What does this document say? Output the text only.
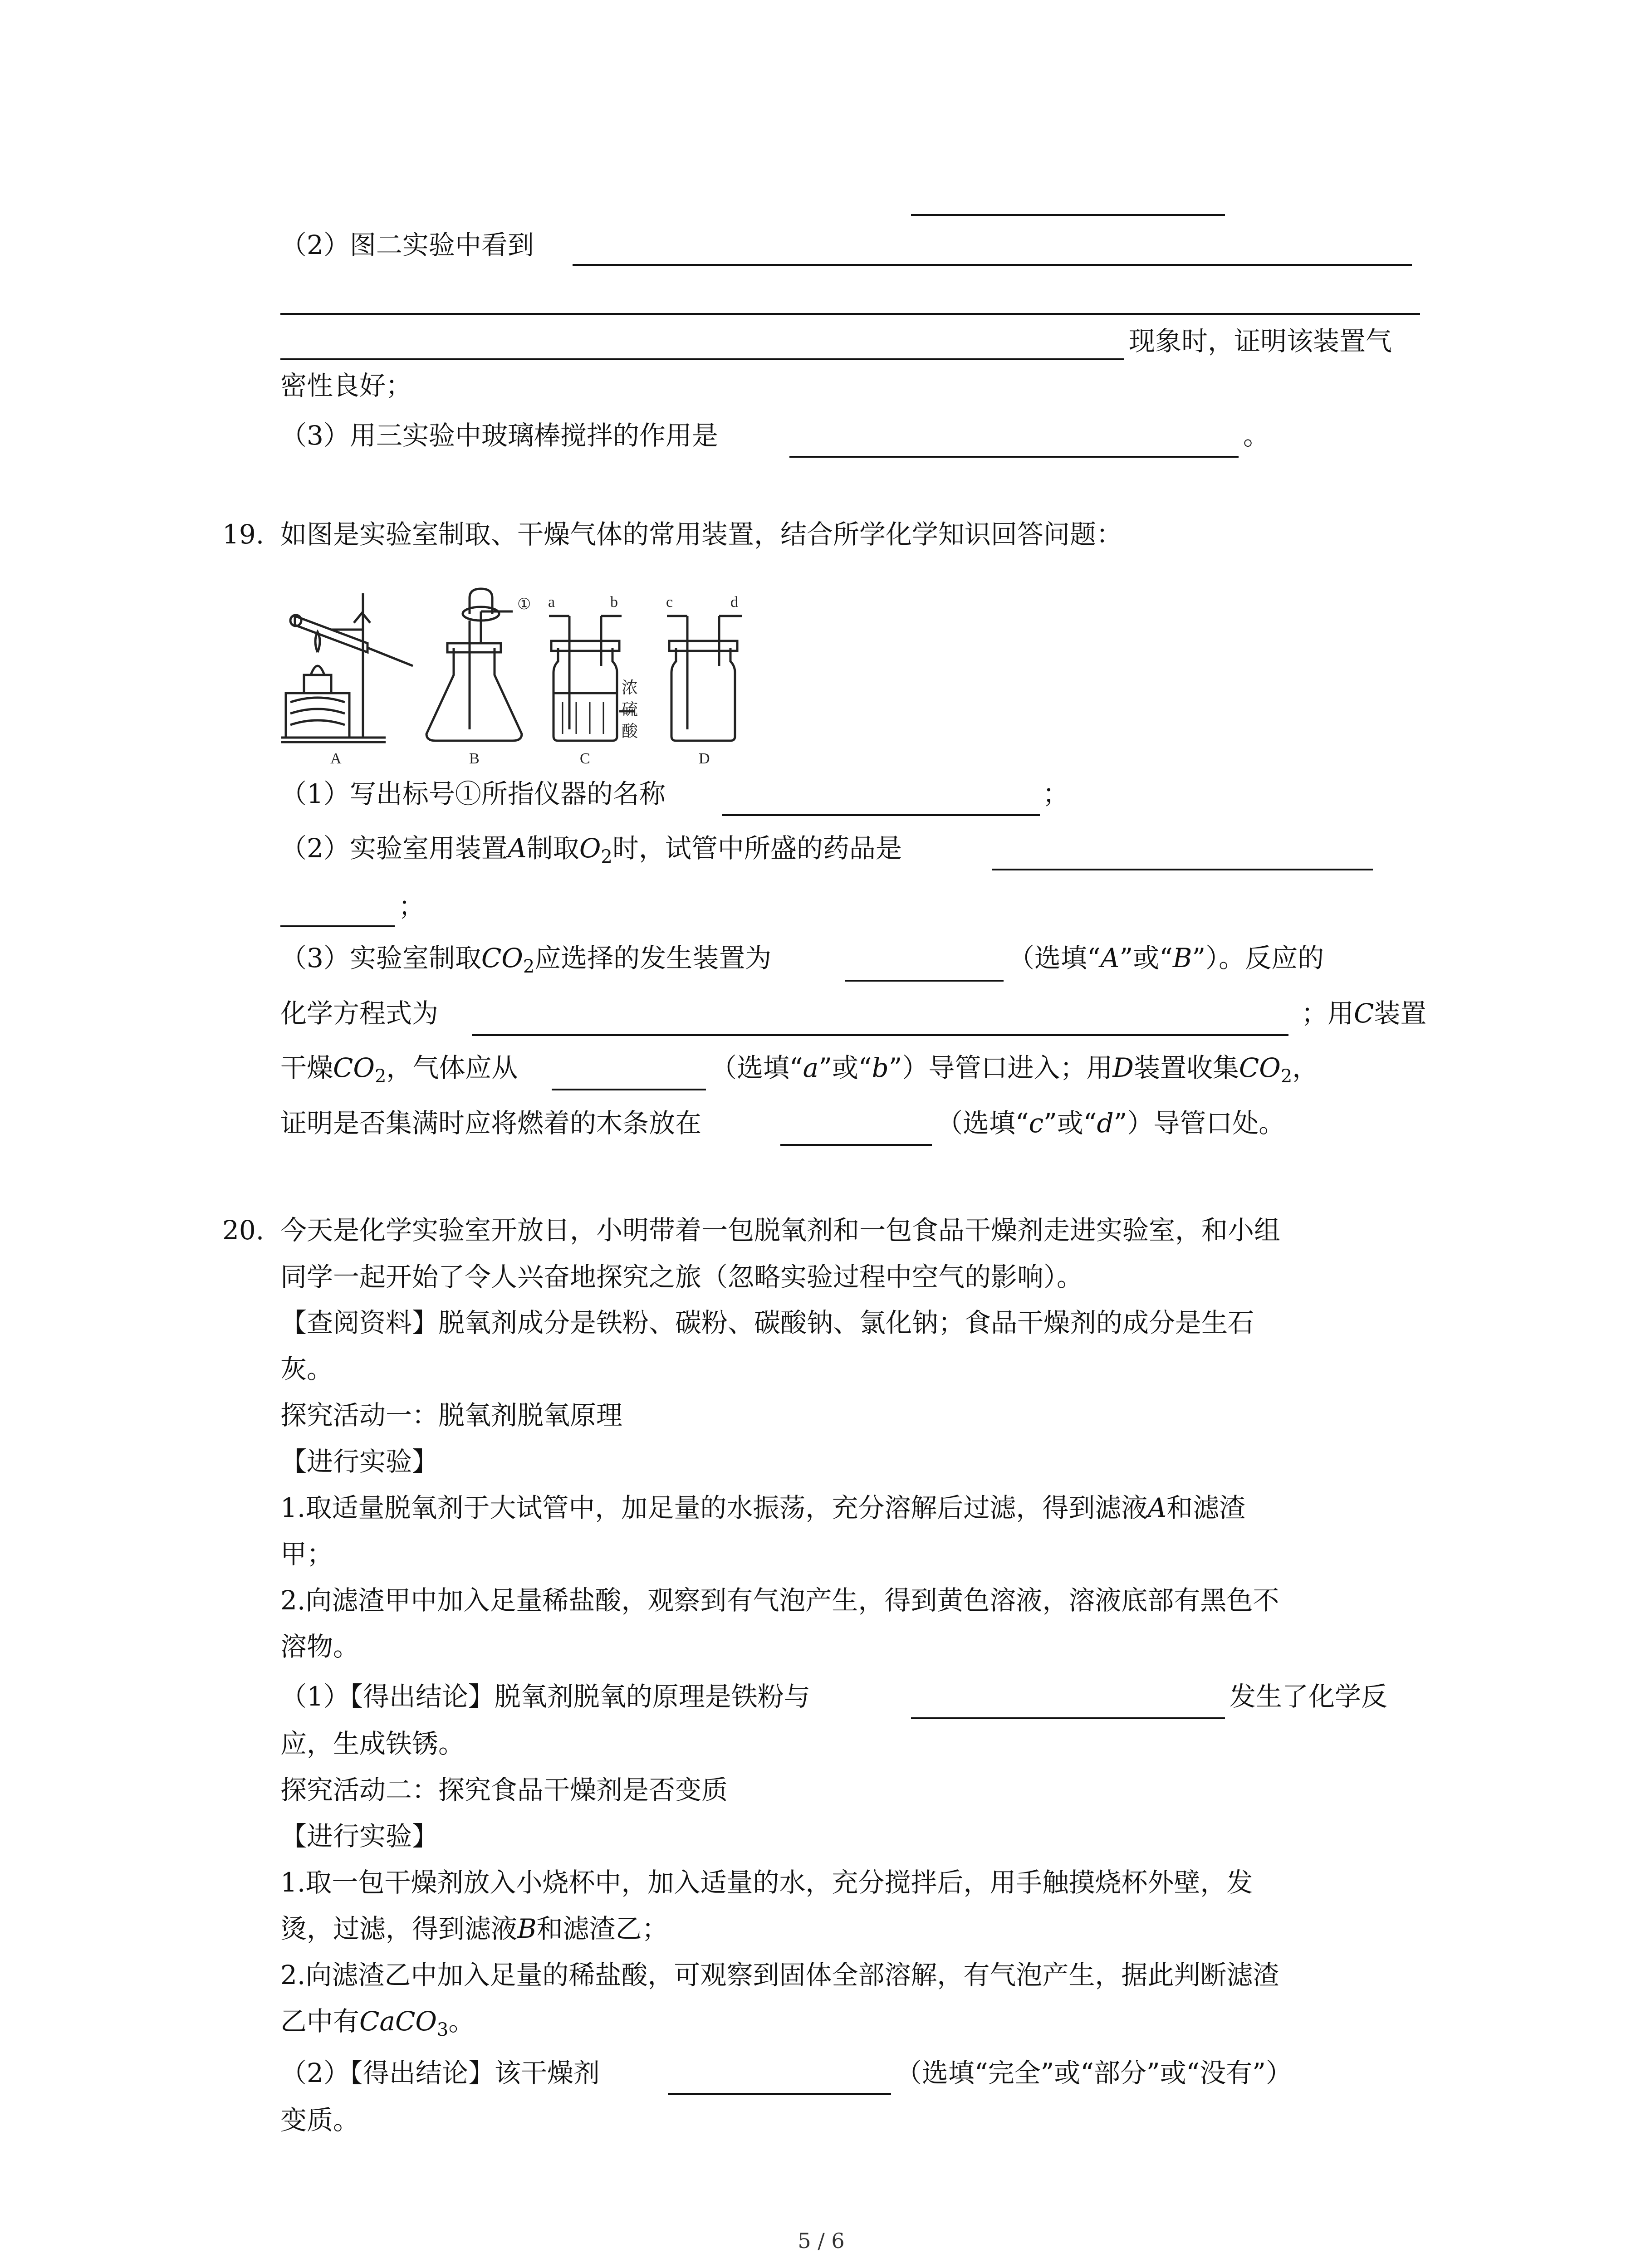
（2）图二实验中看到
现象时，证明该装置气
密性良好；
（3）用三实验中玻璃棒搅拌的作用是	。
19. 如图是实验室制取、干燥气体的常用装置，结合所学化学知识回答问题：
① a	b	c	d
浓
硫
酸
A	B	C	D
（1）写出标号①所指仪器的名称	；
（2）实验室用装置A制取$O_2$时，试管中所盛的药品是
；
（3）实验室制取$CO_2$应选择的发生装置为	（选填“A”或“B”）。反应的
化学方程式为	；用C装置
干燥$CO_2$，气体应从	（选填“a”或“b”）导管口进入；用D装置收集$CO_2$，
证明是否集满时应将燃着的木条放在	（选填“c”或“d”）导管口处。
20. 今天是化学实验室开放日，小明带着一包脱氧剂和一包食品干燥剂走进实验室，和小组
同学一起开始了令人兴奋地探究之旅（忽略实验过程中空气的影响）。
【查阅资料】脱氧剂成分是铁粉、碳粉、碳酸钠、氯化钠；食品干燥剂的成分是生石
灰。
探究活动一：脱氧剂脱氧原理
【进行实验】
1.取适量脱氧剂于大试管中，加足量的水振荡，充分溶解后过滤，得到滤液A和滤渣
甲；
2.向滤渣甲中加入足量稀盐酸，观察到有气泡产生，得到黄色溶液，溶液底部有黑色不
溶物。
（1）【得出结论】脱氧剂脱氧的原理是铁粉与	发生了化学反
应，生成铁锈。
探究活动二：探究食品干燥剂是否变质
【进行实验】
1.取一包干燥剂放入小烧杯中，加入适量的水，充分搅拌后，用手触摸烧杯外壁，发
烫，过滤，得到滤液B和滤渣乙；
2.向滤渣乙中加入足量的稀盐酸，可观察到固体全部溶解，有气泡产生，据此判断滤渣
乙中有CaCO$_3$。
（2）【得出结论】该干燥剂	（选填“完全”或“部分”或“没有”）
变质。
5 / 6
